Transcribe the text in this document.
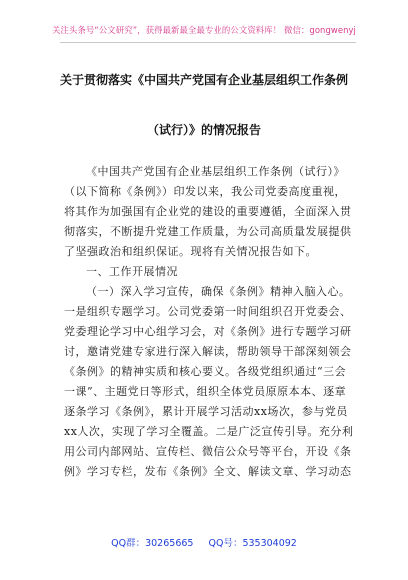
关注头条号“公文研究”，获得最新最全最专业的公文资料库！ 微信：gongwenyj
关于贯彻落实《中国共产党国有企业基层组织工作条例
（试行）》的情况报告
《中国共产党国有企业基层组织工作条例（试行）》
（以下简称《条例》）印发以来，我公司党委高度重视，
将其作为加强国有企业党的建设的重要遵循，全面深入贯
彻落实，不断提升党建工作质量，为公司高质量发展提供
了坚强政治和组织保证。现将有关情况报告如下。
一、工作开展情况
（一）深入学习宣传，确保《条例》精神入脑入心。
一是组织专题学习。公司党委第一时间组织召开党委会、
党委理论学习中心组学习会，对《条例》进行专题学习研
讨，邀请党建专家进行深入解读，帮助领导干部深刻领会
《条例》的精神实质和核心要义。各级党组织通过“三会
一课”、主题党日等形式，组织全体党员原原本本、逐章
逐条学习《条例》，累计开展学习活动xx场次，参与党员
xx人次，实现了学习全覆盖。二是广泛宣传引导。充分利
用公司内部网站、宣传栏、微信公众号等平台，开设《条
例》学习专栏，发布《条例》全文、解读文章、学习动态
QQ群：30265665 QQ号：535304092
